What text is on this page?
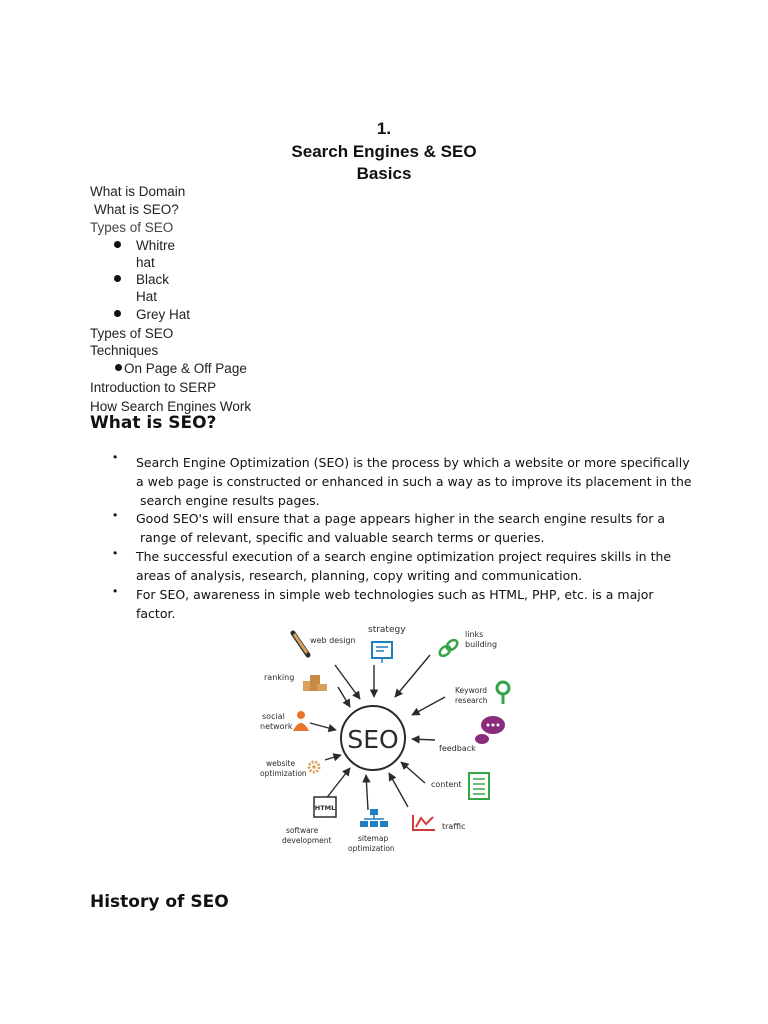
1.
Search Engines & SEO
Basics
What is Domain
What is SEO?
Types of SEO
Whitre
hat
Black
Hat
Grey Hat
Types of SEO
Techniques
On Page & Off Page
Introduction to SERP
How Search Engines Work
What is SEO?
• Search Engine Optimization (SEO) is the process by which a website or more specifically
a web page is constructed or enhanced in such a way as to improve its placement in the
search engine results pages.
• Good SEO's will ensure that a page appears higher in the search engine results for a
range of relevant, specific and valuable search terms or queries.
• The successful execution of a search engine optimization project requires skills in the
areas of analysis, research, planning, copy writing and communication.
• For SEO, awareness in simple web technologies such as HTML, PHP, etc. is a major
factor.
SEO
strategy
web design
links
building
ranking
Keyword
research
social
network
feedback
website
optimization
content
HTML
software
development	sitemap
optimization
traffic
History of SEO
